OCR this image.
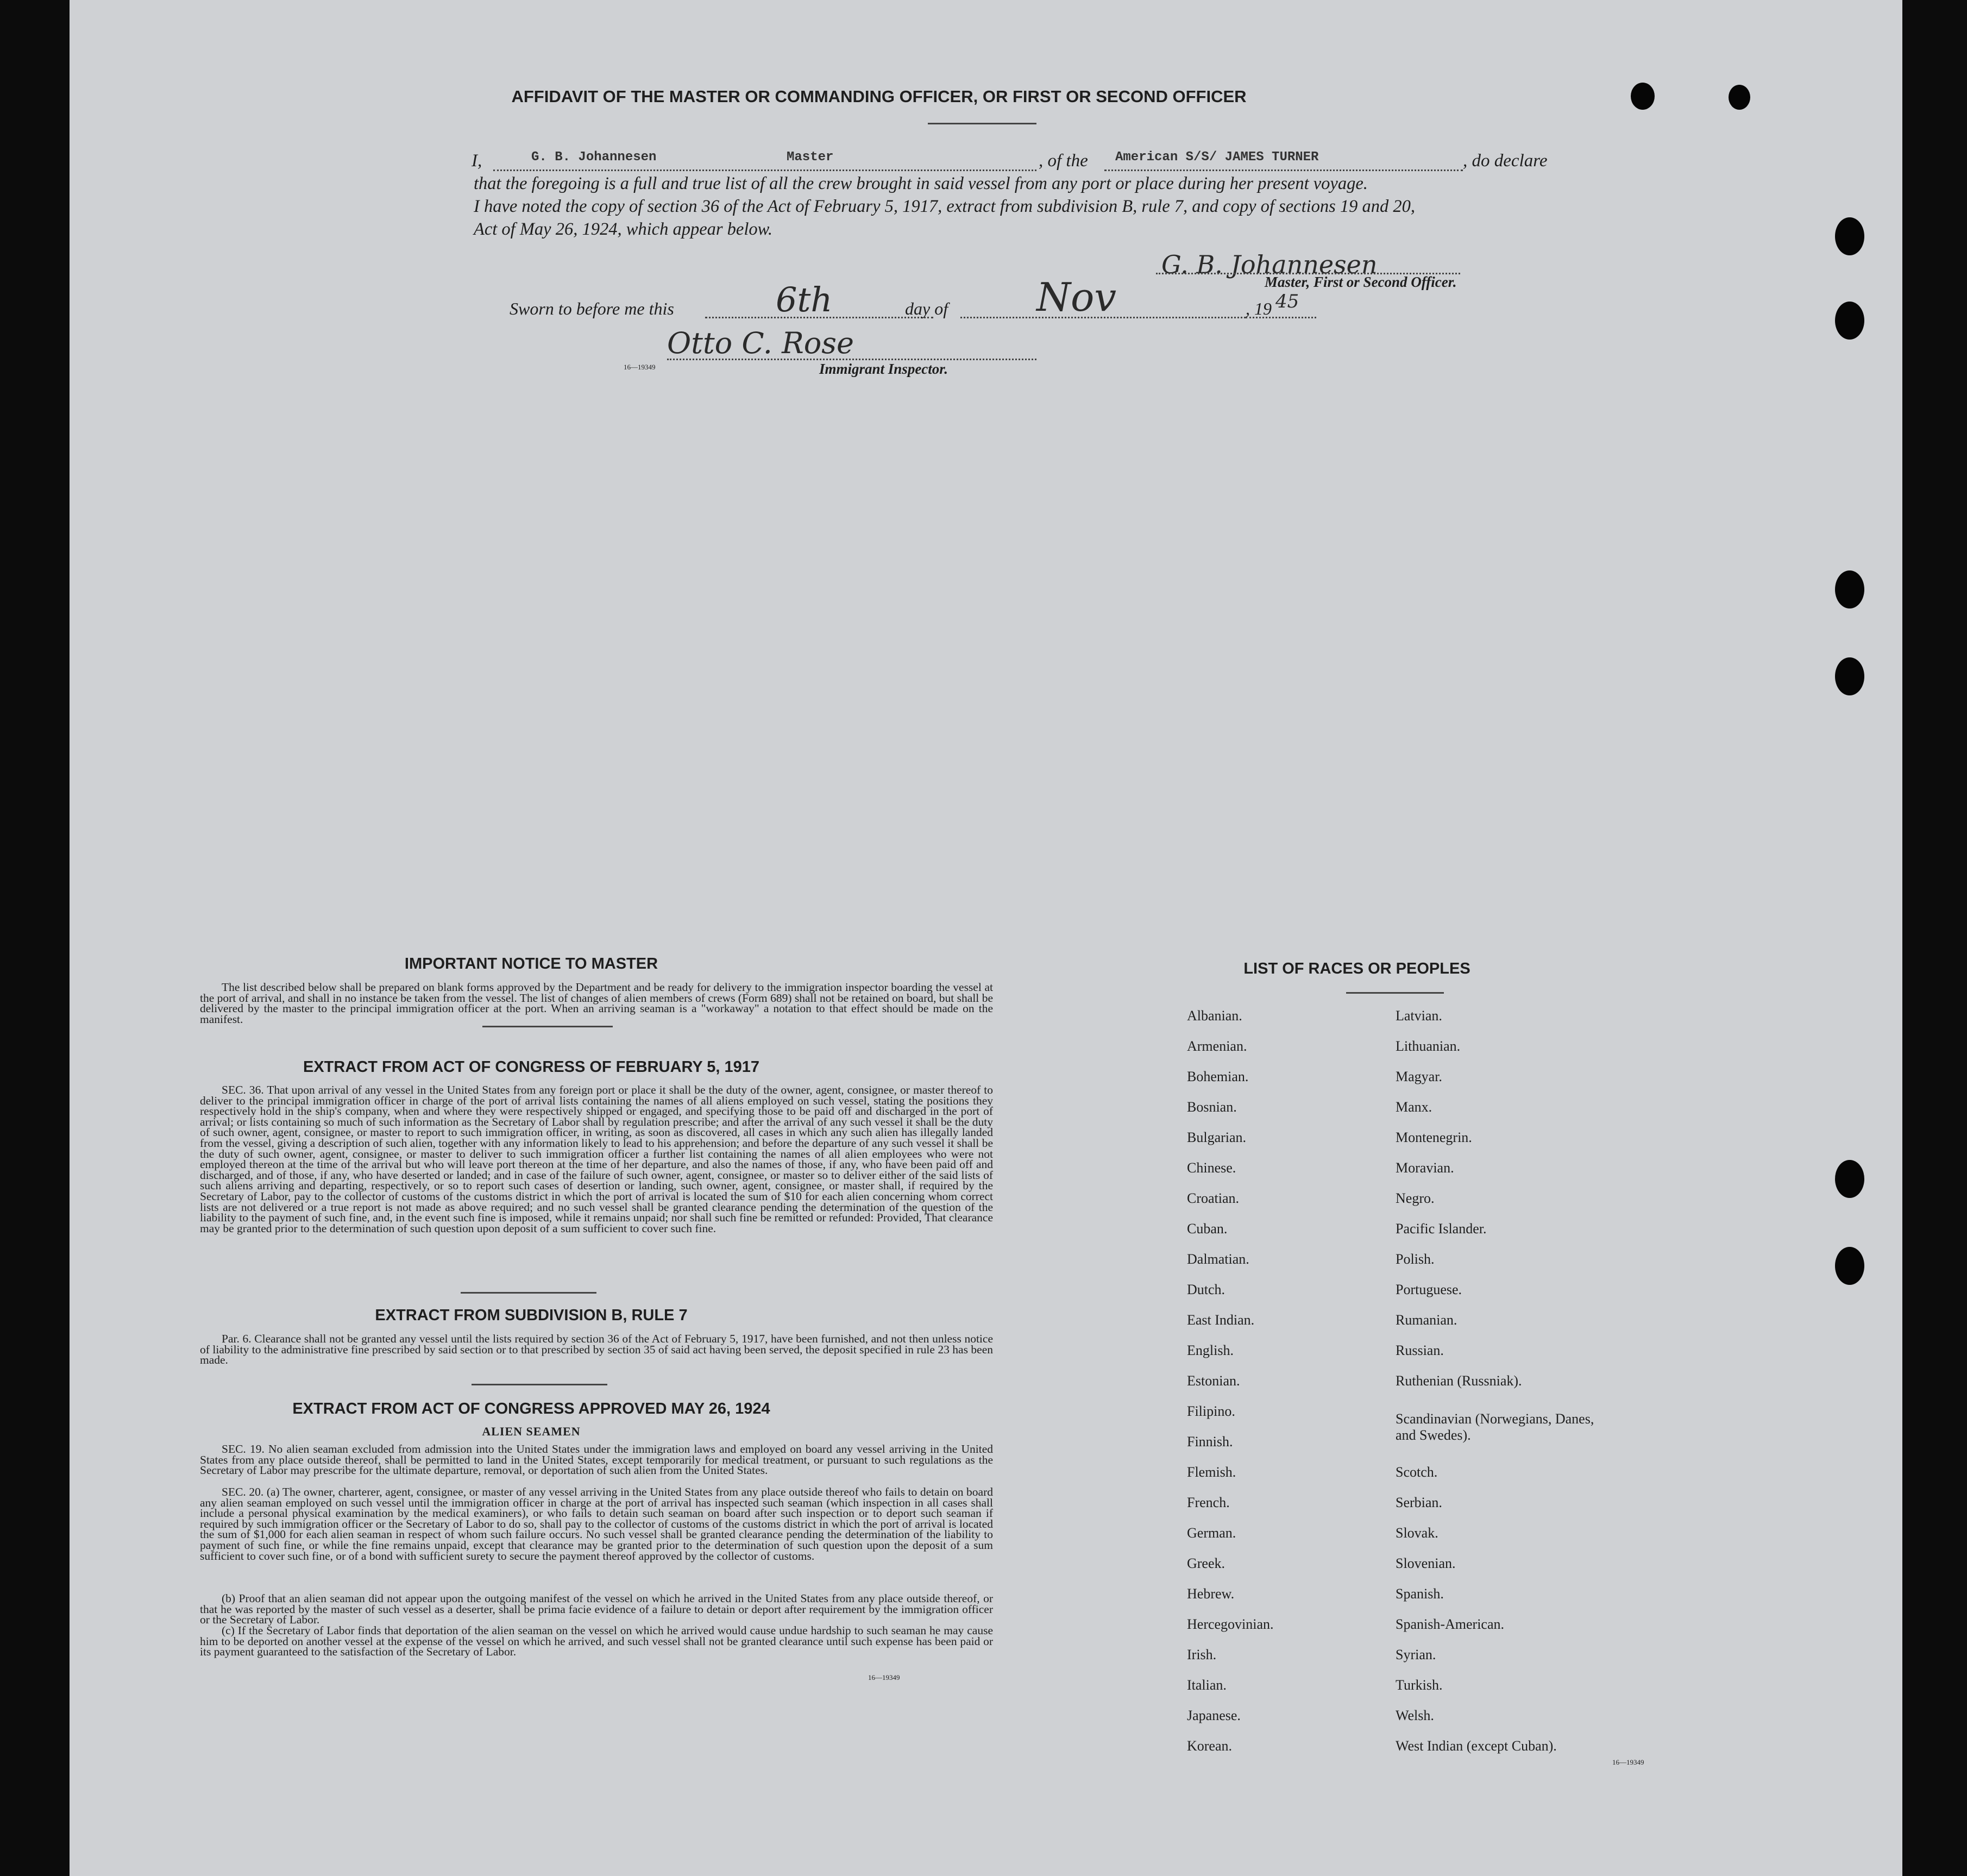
AFFIDAVIT OF THE MASTER OR COMMANDING OFFICER, OR FIRST OR SECOND OFFICER
I,	G. B. Johannesen	Master	, of the American S/S/ JAMES TURNER	, do declare
that the foregoing is a full and true list of all the crew brought in said vessel from any port or place during her present voyage.
I have noted the copy of section 36 of the Act of February 5, 1917, extract from subdivision B, rule 7, and copy of sections 19 and 20,
Act of May 26, 1924, which appear below.
G. B. Johannesen
Master, First or Second Officer.
Sworn to before me this	6th	day of Nov	, 19 45
Otto C. Rose
16—19349	Immigrant Inspector.
IMPORTANT NOTICE TO MASTER
The list described below shall be prepared on blank forms approved by the Department and be ready for delivery to the immigration inspector boarding the vessel at the port of arrival, and shall in no instance be taken from the vessel. The list of changes of alien members of crews (Form 689) shall not be retained on board, but shall be delivered by the master to the principal immigration officer at the port. When an arriving seaman is a "workaway" a notation to that effect should be made on the manifest.
EXTRACT FROM ACT OF CONGRESS OF FEBRUARY 5, 1917
SEC. 36. That upon arrival of any vessel in the United States from any foreign port or place it shall be the duty of the owner, agent, consignee, or master thereof to deliver to the principal immigration officer in charge of the port of arrival lists containing the names of all aliens employed on such vessel, stating the positions they respectively hold in the ship's company, when and where they were respectively shipped or engaged, and specifying those to be paid off and discharged in the port of arrival; or lists containing so much of such information as the Secretary of Labor shall by regulation prescribe; and after the arrival of any such vessel it shall be the duty of such owner, agent, consignee, or master to report to such immigration officer, in writing, as soon as discovered, all cases in which any such alien has illegally landed from the vessel, giving a description of such alien, together with any information likely to lead to his apprehension; and before the departure of any such vessel it shall be the duty of such owner, agent, consignee, or master to deliver to such immigration officer a further list containing the names of all alien employees who were not employed thereon at the time of the arrival but who will leave port thereon at the time of her departure, and also the names of those, if any, who have been paid off and discharged, and of those, if any, who have deserted or landed; and in case of the failure of such owner, agent, consignee, or master so to deliver either of the said lists of such aliens arriving and departing, respectively, or so to report such cases of desertion or landing, such owner, agent, consignee, or master shall, if required by the Secretary of Labor, pay to the collector of customs of the customs district in which the port of arrival is located the sum of $10 for each alien concerning whom correct lists are not delivered or a true report is not made as above required; and no such vessel shall be granted clearance pending the determination of the question of the liability to the payment of such fine, and, in the event such fine is imposed, while it remains unpaid; nor shall such fine be remitted or refunded: Provided, That clearance may be granted prior to the determination of such question upon deposit of a sum sufficient to cover such fine.
EXTRACT FROM SUBDIVISION B, RULE 7
Par. 6. Clearance shall not be granted any vessel until the lists required by section 36 of the Act of February 5, 1917, have been furnished, and not then unless notice of liability to the administrative fine prescribed by said section or to that prescribed by section 35 of said act having been served, the deposit specified in rule 23 has been made.
EXTRACT FROM ACT OF CONGRESS APPROVED MAY 26, 1924
ALIEN SEAMEN
SEC. 19. No alien seaman excluded from admission into the United States under the immigration laws and employed on board any vessel arriving in the United States from any place outside thereof, shall be permitted to land in the United States, except temporarily for medical treatment, or pursuant to such regulations as the Secretary of Labor may prescribe for the ultimate departure, removal, or deportation of such alien from the United States.
SEC. 20. (a) The owner, charterer, agent, consignee, or master of any vessel arriving in the United States from any place outside thereof who fails to detain on board any alien seaman employed on such vessel until the immigration officer in charge at the port of arrival has inspected such seaman (which inspection in all cases shall include a personal physical examination by the medical examiners), or who fails to detain such seaman on board after such inspection or to deport such seaman if required by such immigration officer or the Secretary of Labor to do so, shall pay to the collector of customs of the customs district in which the port of arrival is located the sum of $1,000 for each alien seaman in respect of whom such failure occurs. No such vessel shall be granted clearance pending the determination of the liability to payment of such fine, or while the fine remains unpaid, except that clearance may be granted prior to the determination of such question upon the deposit of a sum sufficient to cover such fine, or of a bond with sufficient surety to secure the payment thereof approved by the collector of customs.
(b) Proof that an alien seaman did not appear upon the outgoing manifest of the vessel on which he arrived in the United States from any place outside thereof, or that he was reported by the master of such vessel as a deserter, shall be prima facie evidence of a failure to detain or deport after requirement by the immigration officer or the Secretary of Labor.
(c) If the Secretary of Labor finds that deportation of the alien seaman on the vessel on which he arrived would cause undue hardship to such seaman he may cause him to be deported on another vessel at the expense of the vessel on which he arrived, and such vessel shall not be granted clearance until such expense has been paid or its payment guaranteed to the satisfaction of the Secretary of Labor.
16—19349
LIST OF RACES OR PEOPLES
Albanian.
Armenian.
Bohemian.
Bosnian.
Bulgarian.
Chinese.
Croatian.
Cuban.
Dalmatian.
Dutch.
East Indian.
English.
Estonian.
Filipino.
Finnish.
Flemish.
French.
German.
Greek.
Hebrew.
Hercegovinian.
Irish.
Italian.
Japanese.
Korean.
Latvian.
Lithuanian.
Magyar.
Manx.
Montenegrin.
Moravian.
Negro.
Pacific Islander.
Polish.
Portuguese.
Rumanian.
Russian.
Ruthenian (Russniak).
Scandinavian (Norwegians, Danes, and Swedes).
Scotch.
Serbian.
Slovak.
Slovenian.
Spanish.
Spanish-American.
Syrian.
Turkish.
Welsh.
West Indian (except Cuban).
16—19349
